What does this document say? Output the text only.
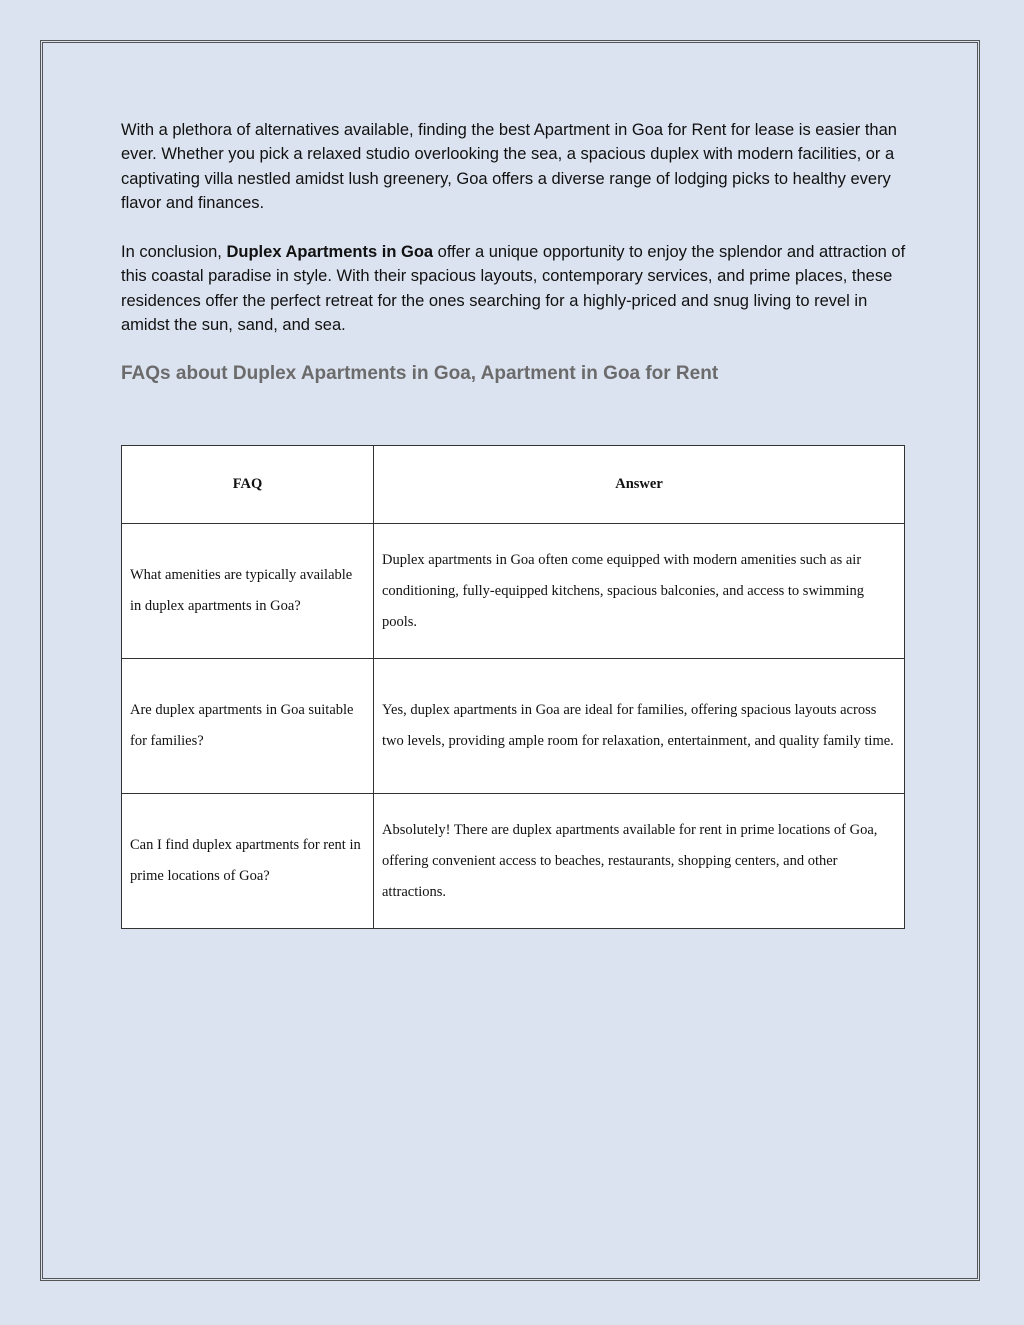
With a plethora of alternatives available, finding the best Apartment in Goa for Rent for lease is easier than ever. Whether you pick a relaxed studio overlooking the sea, a spacious duplex with modern facilities, or a captivating villa nestled amidst lush greenery, Goa offers a diverse range of lodging picks to healthy every flavor and finances.

In conclusion, Duplex Apartments in Goa offer a unique opportunity to enjoy the splendor and attraction of this coastal paradise in style. With their spacious layouts, contemporary services, and prime places, these residences offer the perfect retreat for the ones searching for a highly-priced and snug living to revel in amidst the sun, sand, and sea.

FAQs about Duplex Apartments in Goa, Apartment in Goa for Rent
FAQ	Answer
What amenities are typically available in duplex apartments in Goa?	Duplex apartments in Goa often come equipped with modern amenities such as air conditioning, fully-equipped kitchens, spacious balconies, and access to swimming pools.
Are duplex apartments in Goa suitable for families?	Yes, duplex apartments in Goa are ideal for families, offering spacious layouts across two levels, providing ample room for relaxation, entertainment, and quality family time.
Can I find duplex apartments for rent in prime locations of Goa?	Absolutely! There are duplex apartments available for rent in prime locations of Goa, offering convenient access to beaches, restaurants, shopping centers, and other attractions.
